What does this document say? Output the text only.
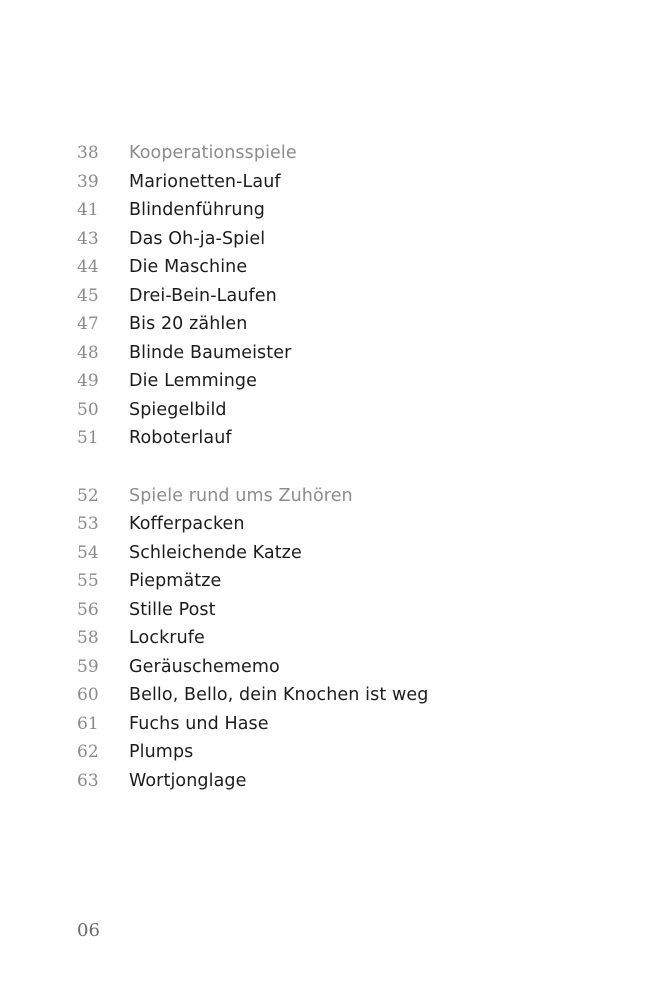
38	Kooperationsspiele
39	Marionetten-Lauf
41	Blindenführung
43	Das Oh-ja-Spiel
44	Die Maschine
45	Drei-Bein-Laufen
47	Bis 20 zählen
48	Blinde Baumeister
49	Die Lemminge
50	Spiegelbild
51	Roboterlauf
52	Spiele rund ums Zuhören
53	Kofferpacken
54	Schleichende Katze
55	Piepmätze
56	Stille Post
58	Lockrufe
59	Geräuschememo
60	Bello, Bello, dein Knochen ist weg
61	Fuchs und Hase
62	Plumps
63	Wortjonglage
06
